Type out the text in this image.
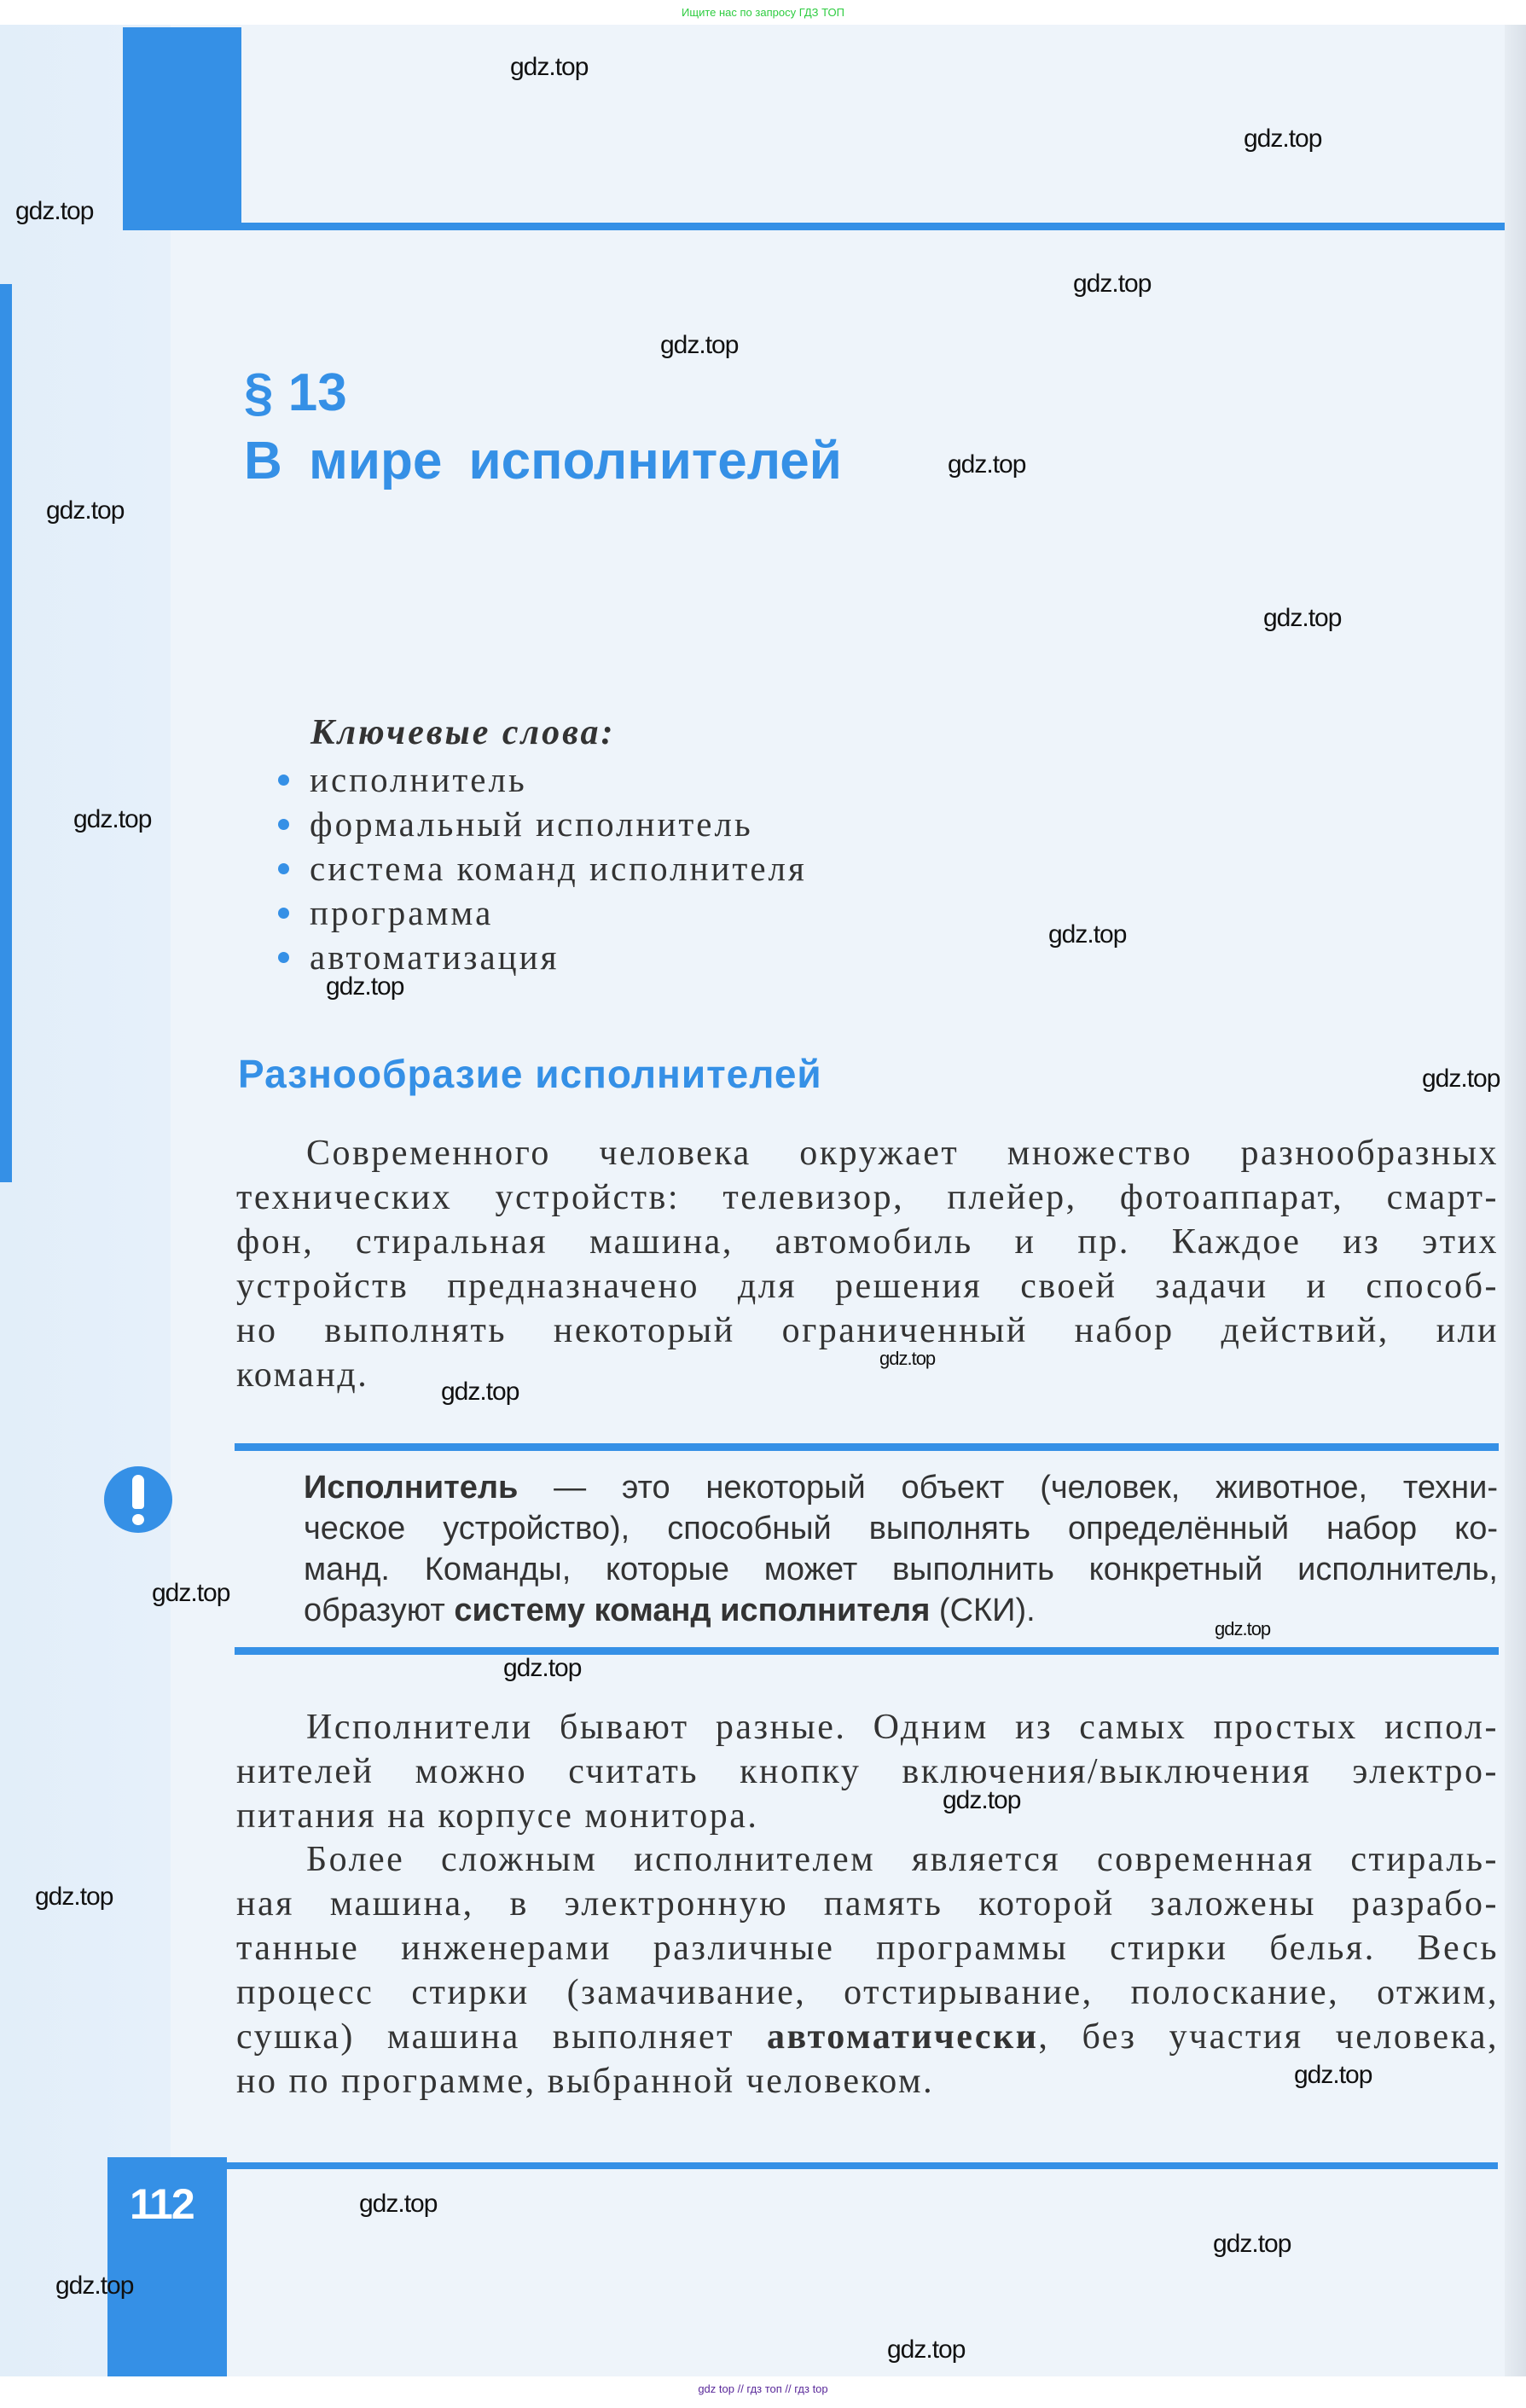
Ищите нас по запросу ГДЗ ТОП
§ 13
В мире исполнителей
Ключевые слова:
исполнитель
формальный исполнитель
система команд исполнителя
программа
автоматизация
Разнообразие исполнителей
Современного человека окружает множество разнообразных
технических устройств: телевизор, плейер, фотоаппарат, смарт-
фон, стиральная машина, автомобиль и пр. Каждое из этих
устройств предназначено для решения своей задачи и способ-
но выполнять некоторый ограниченный набор действий, или
команд.
Исполнитель — это некоторый объект (человек, животное, техни-
ческое устройство), способный выполнять определённый набор ко-
манд. Команды, которые может выполнить конкретный исполнитель,
образуют систему команд исполнителя (СКИ).
Исполнители бывают разные. Одним из самых простых испол-
нителей можно считать кнопку включения/выключения электро-
питания на корпусе монитора.
Более сложным исполнителем является современная стираль-
ная машина, в электронную память которой заложены разрабо-
танные инженерами различные программы стирки белья. Весь
процесс стирки (замачивание, отстирывание, полоскание, отжим,
сушка) машина выполняет автоматически, без участия человека,
но по программе, выбранной человеком.
112
gdz.top
gdz.top
gdz.top
gdz.top
gdz.top
gdz.top
gdz.top
gdz.top
gdz.top
gdz.top
gdz.top
gdz.top
gdz.top
gdz.top
gdz.top
gdz.top
gdz.top
gdz.top
gdz.top
gdz.top
gdz.top
gdz.top
gdz.top
gdz.top
gdz top // гдз топ // гдз top
